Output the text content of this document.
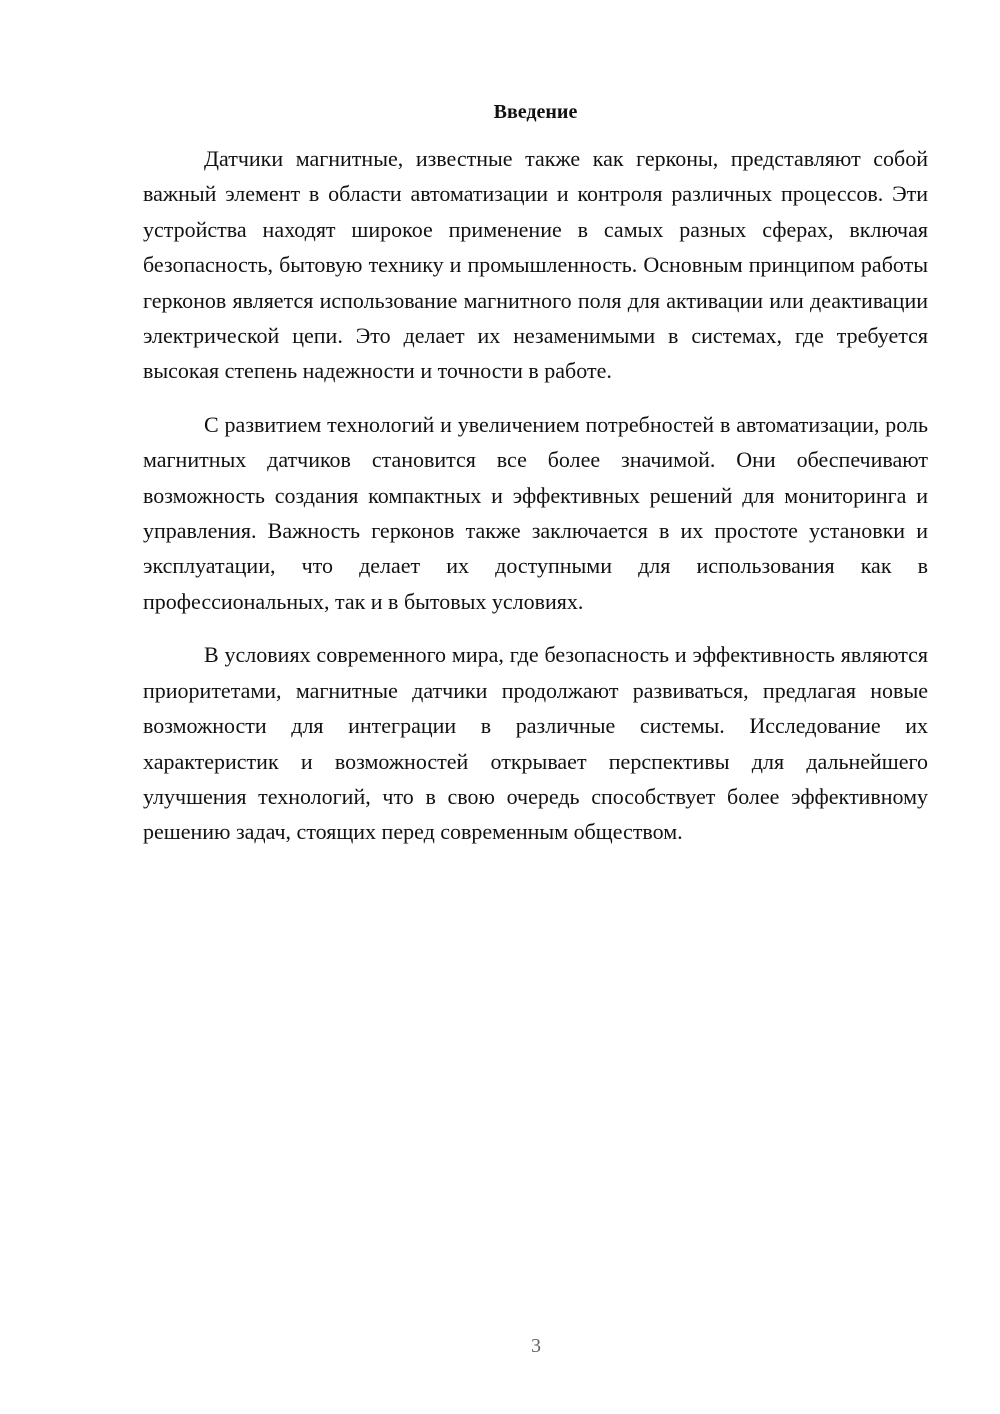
Введение

Датчики магнитные, известные также как герконы, представляют собой важный элемент в области автоматизации и контроля различных процессов. Эти устройства находят широкое применение в самых разных сферах, включая безопасность, бытовую технику и промышленность. Основным принципом работы герконов является использование магнитного поля для активации или деактивации электрической цепи. Это делает их незаменимыми в системах, где требуется высокая степень надежности и точности в работе.

С развитием технологий и увеличением потребностей в автоматизации, роль магнитных датчиков становится все более значимой. Они обеспечивают возможность создания компактных и эффективных решений для мониторинга и управления. Важность герконов также заключается в их простоте установки и эксплуатации, что делает их доступными для использования как в профессиональных, так и в бытовых условиях.

В условиях современного мира, где безопасность и эффективность являются приоритетами, магнитные датчики продолжают развиваться, предлагая новые возможности для интеграции в различные системы. Исследование их характеристик и возможностей открывает перспективы для дальнейшего улучшения технологий, что в свою очередь способствует более эффективному решению задач, стоящих перед современным обществом.

3
